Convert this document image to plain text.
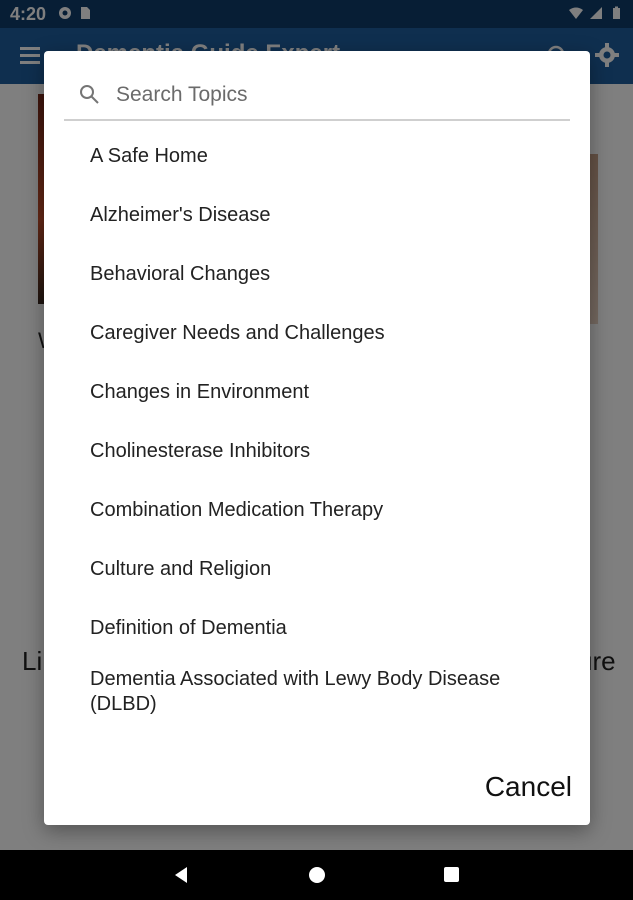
Search Topics
A Safe Home
Alzheimer's Disease
Behavioral Changes
Caregiver Needs and Challenges
Changes in Environment
Cholinesterase Inhibitors
Combination Medication Therapy
Culture and Religion
Definition of Dementia
Dementia Associated with Lewy Body Disease (DLBD)
Cancel
